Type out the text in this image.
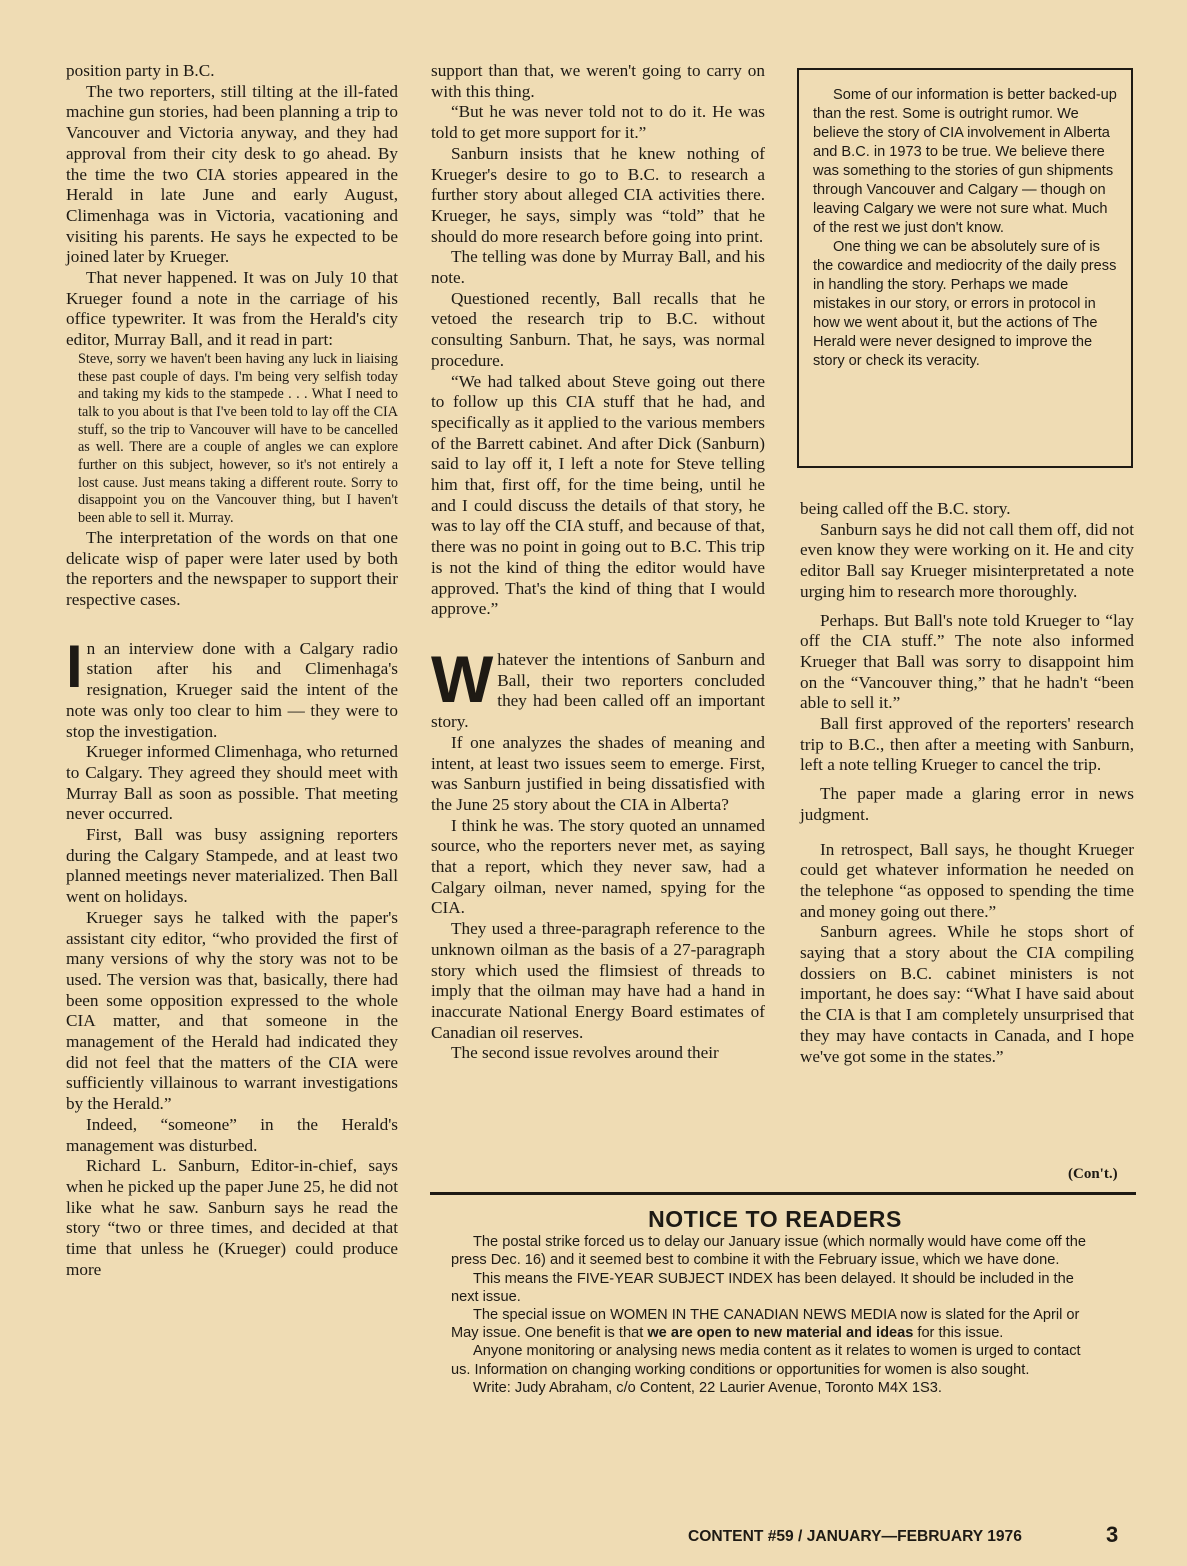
position party in B.C.

The two reporters, still tilting at the ill-fated machine gun stories, had been planning a trip to Vancouver and Victoria anyway, and they had approval from their city desk to go ahead. By the time the two CIA stories appeared in the Herald in late June and early August, Climenhaga was in Victoria, vacationing and visiting his parents. He says he expected to be joined later by Krueger.

That never happened. It was on July 10 that Krueger found a note in the carriage of his office typewriter. It was from the Herald's city editor, Murray Ball, and it read in part:

Steve, sorry we haven't been having any luck in liaising these past couple of days. I'm being very selfish today and taking my kids to the stampede . . . What I need to talk to you about is that I've been told to lay off the CIA stuff, so the trip to Vancouver will have to be cancelled as well. There are a couple of angles we can explore further on this subject, however, so it's not entirely a lost cause. Just means taking a different route. Sorry to disappoint you on the Vancouver thing, but I haven't been able to sell it. Murray.

The interpretation of the words on that one delicate wisp of paper were later used by both the reporters and the newspaper to support their respective cases.

In an interview done with a Calgary radio station after his and Climenhaga's resignation, Krueger said the intent of the note was only too clear to him — they were to stop the investigation.

Krueger informed Climenhaga, who returned to Calgary. They agreed they should meet with Murray Ball as soon as possible. That meeting never occurred.

First, Ball was busy assigning reporters during the Calgary Stampede, and at least two planned meetings never materialized. Then Ball went on holidays.

Krueger says he talked with the paper's assistant city editor, “who provided the first of many versions of why the story was not to be used. The version was that, basically, there had been some opposition expressed to the whole CIA matter, and that someone in the management of the Herald had indicated they did not feel that the matters of the CIA were sufficiently villainous to warrant investigations by the Herald.”

Indeed, “someone” in the Herald's management was disturbed.

Richard L. Sanburn, Editor-in-chief, says when he picked up the paper June 25, he did not like what he saw. Sanburn says he read the story “two or three times, and decided at that time that unless he (Krueger) could produce more

support than that, we weren't going to carry on with this thing.

“But he was never told not to do it. He was told to get more support for it.”

Sanburn insists that he knew nothing of Krueger's desire to go to B.C. to research a further story about alleged CIA activities there. Krueger, he says, simply was “told” that he should do more research before going into print.

The telling was done by Murray Ball, and his note.

Questioned recently, Ball recalls that he vetoed the research trip to B.C. without consulting Sanburn. That, he says, was normal procedure.

“We had talked about Steve going out there to follow up this CIA stuff that he had, and specifically as it applied to the various members of the Barrett cabinet. And after Dick (Sanburn) said to lay off it, I left a note for Steve telling him that, first off, for the time being, until he and I could discuss the details of that story, he was to lay off the CIA stuff, and because of that, there was no point in going out to B.C. This trip is not the kind of thing the editor would have approved. That's the kind of thing that I would approve.”

Whatever the intentions of Sanburn and Ball, their two reporters concluded they had been called off an important story.

If one analyzes the shades of meaning and intent, at least two issues seem to emerge. First, was Sanburn justified in being dissatisfied with the June 25 story about the CIA in Alberta?

I think he was. The story quoted an unnamed source, who the reporters never met, as saying that a report, which they never saw, had a Calgary oilman, never named, spying for the CIA.

They used a three-paragraph reference to the unknown oilman as the basis of a 27-paragraph story which used the flimsiest of threads to imply that the oilman may have had a hand in inaccurate National Energy Board estimates of Canadian oil reserves.

The second issue revolves around their

Some of our information is better backed-up than the rest. Some is outright rumor. We believe the story of CIA involvement in Alberta and B.C. in 1973 to be true. We believe there was something to the stories of gun shipments through Vancouver and Calgary — though on leaving Calgary we were not sure what. Much of the rest we just don't know.

One thing we can be absolutely sure of is the cowardice and mediocrity of the daily press in handling the story. Perhaps we made mistakes in our story, or errors in protocol in how we went about it, but the actions of The Herald were never designed to improve the story or check its veracity.

being called off the B.C. story.

Sanburn says he did not call them off, did not even know they were working on it. He and city editor Ball say Krueger misinterpretated a note urging him to research more thoroughly.

Perhaps. But Ball's note told Krueger to “lay off the CIA stuff.” The note also informed Krueger that Ball was sorry to disappoint him on the “Vancouver thing,” that he hadn't “been able to sell it.”

Ball first approved of the reporters' research trip to B.C., then after a meeting with Sanburn, left a note telling Krueger to cancel the trip.

The paper made a glaring error in news judgment.

In retrospect, Ball says, he thought Krueger could get whatever information he needed on the telephone “as opposed to spending the time and money going out there.”

Sanburn agrees. While he stops short of saying that a story about the CIA compiling dossiers on B.C. cabinet ministers is not important, he does say: “What I have said about the CIA is that I am completely unsurprised that they may have contacts in Canada, and I hope we've got some in the states.”

(Con't.)
NOTICE TO READERS

The postal strike forced us to delay our January issue (which normally would have come off the press Dec. 16) and it seemed best to combine it with the February issue, which we have done.

This means the FIVE-YEAR SUBJECT INDEX has been delayed. It should be included in the next issue.

The special issue on WOMEN IN THE CANADIAN NEWS MEDIA now is slated for the April or May issue. One benefit is that we are open to new material and ideas for this issue.

Anyone monitoring or analysing news media content as it relates to women is urged to contact us. Information on changing working conditions or opportunities for women is also sought.

Write: Judy Abraham, c/o Content, 22 Laurier Avenue, Toronto M4X 1S3.

CONTENT #59 / JANUARY—FEBRUARY 1976	3
